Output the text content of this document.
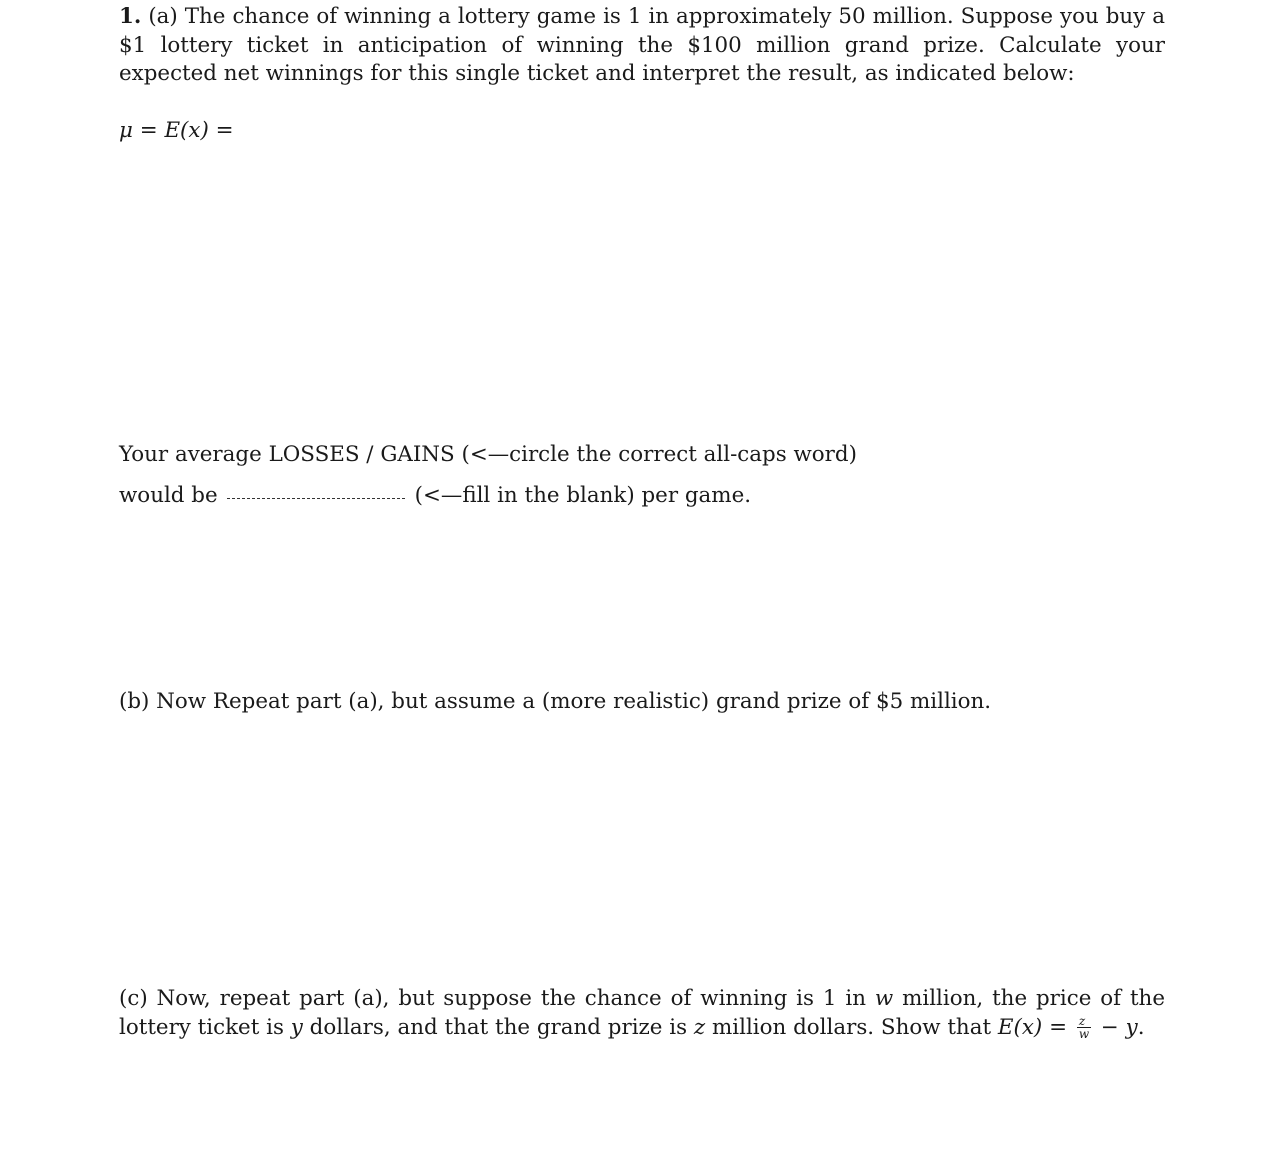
1. (a) The chance of winning a lottery game is 1 in approximately 50 million. Suppose you buy a $1 lottery ticket in anticipation of winning the $100 million grand prize. Calculate your expected net winnings for this single ticket and interpret the result, as indicated below:
μ = E(x) =
Your average LOSSES / GAINS (<—circle the correct all-caps word)
would be	(<—fill in the blank) per game.
(b) Now Repeat part (a), but assume a (more realistic) grand prize of $5 million.
(c) Now, repeat part (a), but suppose the chance of winning is 1 in w million, the price of the lottery ticket is y dollars, and that the grand prize is z million dollars. Show that $E(x) = \frac{z}{w} - y$.
